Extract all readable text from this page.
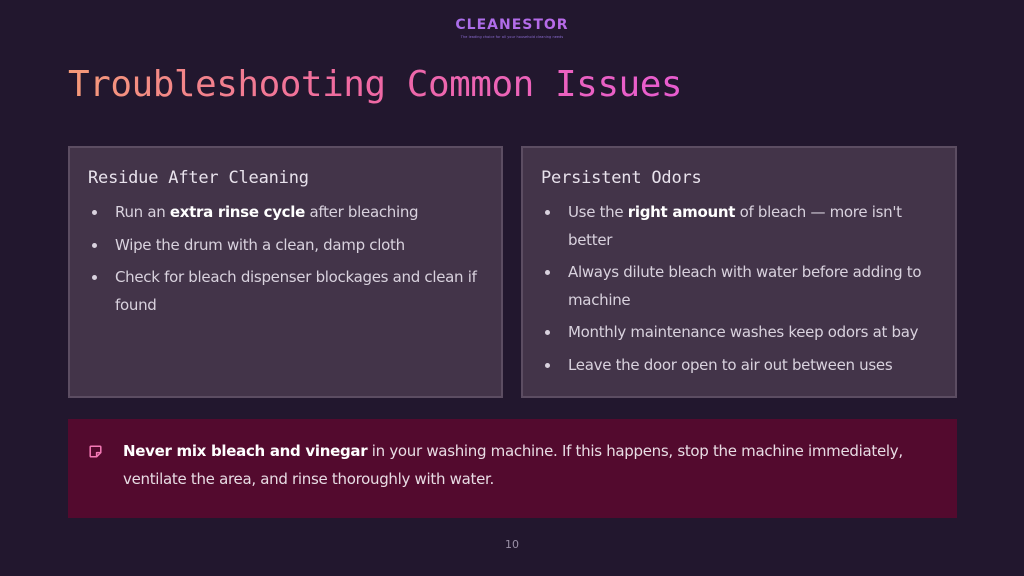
CLEANESTOR
The leading choice for all your household cleaning needs
Troubleshooting Common Issues
Residue After Cleaning
Run an extra rinse cycle after bleaching
Wipe the drum with a clean, damp cloth
Check for bleach dispenser blockages and clean if found
Persistent Odors
Use the right amount of bleach — more isn't better
Always dilute bleach with water before adding to machine
Monthly maintenance washes keep odors at bay
Leave the door open to air out between uses
Never mix bleach and vinegar in your washing machine. If this happens, stop the machine immediately, ventilate the area, and rinse thoroughly with water.
10
